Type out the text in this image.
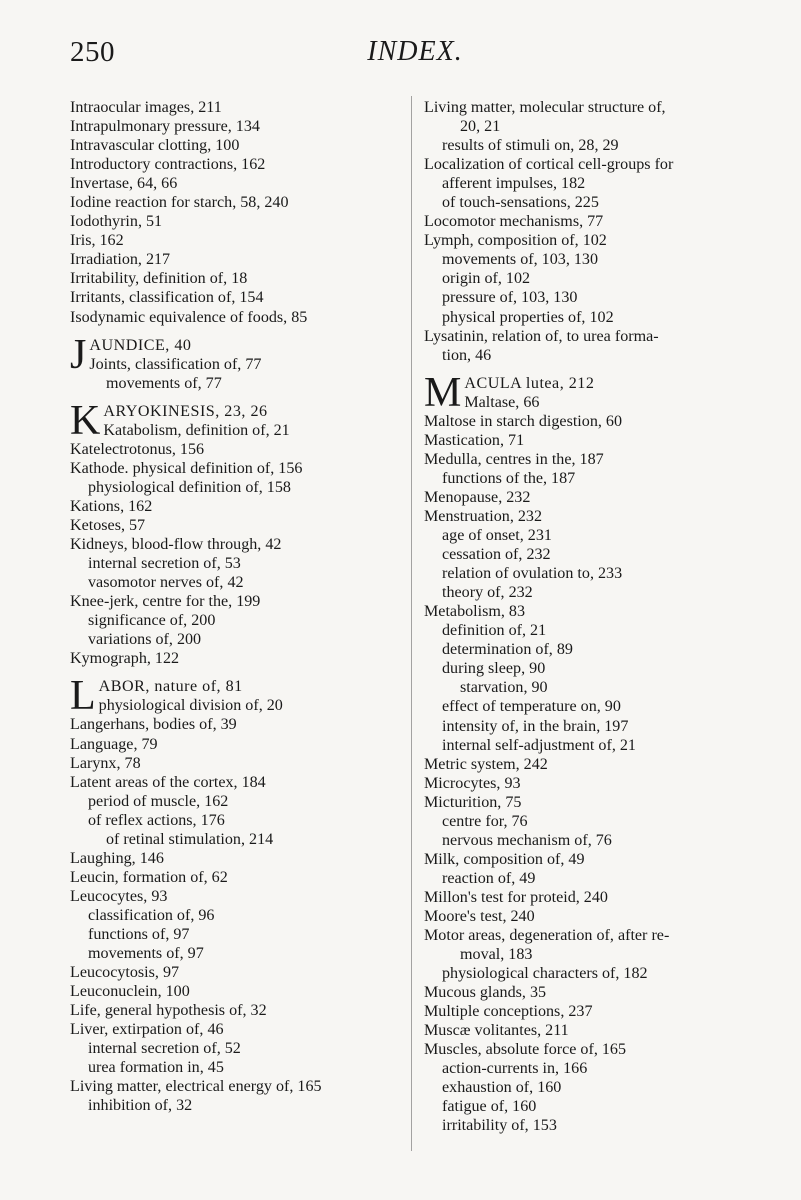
250	INDEX.
Intraocular images, 211
Intrapulmonary pressure, 134
Intravascular clotting, 100
Introductory contractions, 162
Invertase, 64, 66
Iodine reaction for starch, 58, 240
Iodothyrin, 51
Iris, 162
Irradiation, 217
Irritability, definition of, 18
Irritants, classification of, 154
Isodynamic equivalence of foods, 85
J AUNDICE, 40
Joints, classification of, 77
movements of, 77
K ARYOKINESIS, 23, 26
Katabolism, definition of, 21
Katelectrotonus, 156
Kathode. physical definition of, 156
physiological definition of, 158
Kations, 162
Ketoses, 57
Kidneys, blood-flow through, 42
internal secretion of, 53
vasomotor nerves of, 42
Knee-jerk, centre for the, 199
significance of, 200
variations of, 200
Kymograph, 122
L ABOR, nature of, 81
physiological division of, 20
Langerhans, bodies of, 39
Language, 79
Larynx, 78
Latent areas of the cortex, 184
period of muscle, 162
of reflex actions, 176
of retinal stimulation, 214
Laughing, 146
Leucin, formation of, 62
Leucocytes, 93
classification of, 96
functions of, 97
movements of, 97
Leucocytosis, 97
Leuconuclein, 100
Life, general hypothesis of, 32
Liver, extirpation of, 46
internal secretion of, 52
urea formation in, 45
Living matter, electrical energy of, 165
inhibition of, 32
Living matter, molecular structure of,
20, 21
results of stimuli on, 28, 29
Localization of cortical cell-groups for
afferent impulses, 182
of touch-sensations, 225
Locomotor mechanisms, 77
Lymph, composition of, 102
movements of, 103, 130
origin of, 102
pressure of, 103, 130
physical properties of, 102
Lysatinin, relation of, to urea forma-
tion, 46
M ACULA lutea, 212
Maltase, 66
Maltose in starch digestion, 60
Mastication, 71
Medulla, centres in the, 187
functions of the, 187
Menopause, 232
Menstruation, 232
age of onset, 231
cessation of, 232
relation of ovulation to, 233
theory of, 232
Metabolism, 83
definition of, 21
determination of, 89
during sleep, 90
starvation, 90
effect of temperature on, 90
intensity of, in the brain, 197
internal self-adjustment of, 21
Metric system, 242
Microcytes, 93
Micturition, 75
centre for, 76
nervous mechanism of, 76
Milk, composition of, 49
reaction of, 49
Millon's test for proteid, 240
Moore's test, 240
Motor areas, degeneration of, after re-
moval, 183
physiological characters of, 182
Mucous glands, 35
Multiple conceptions, 237
Muscæ volitantes, 211
Muscles, absolute force of, 165
action-currents in, 166
exhaustion of, 160
fatigue of, 160
irritability of, 153
